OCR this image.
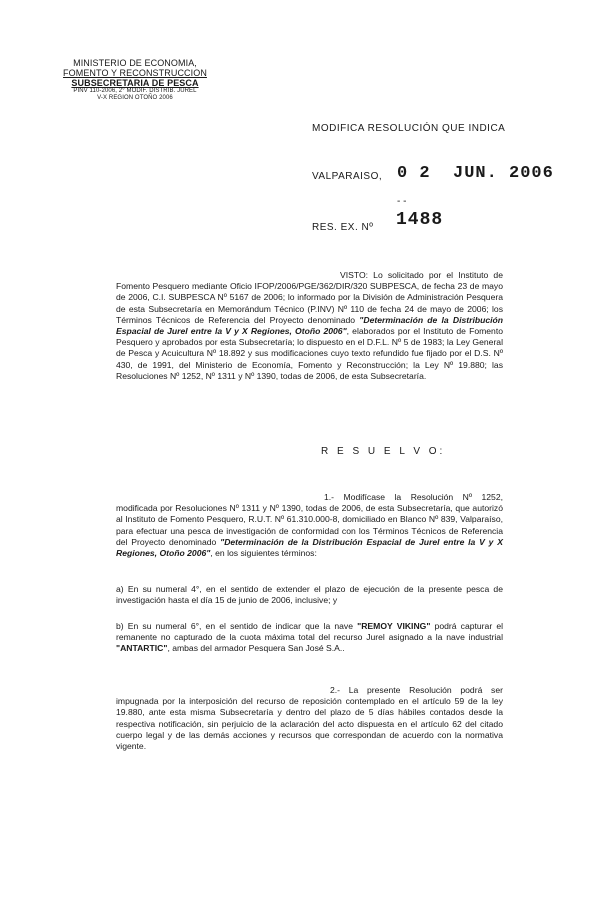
MINISTERIO DE ECONOMIA,
FOMENTO Y RECONSTRUCCION
SUBSECRETARIA DE PESCA
PINV 110-2006, 2° MODIF. DISTRIB. JUREL
V-X REGION OTOÑO 2006
MODIFICA RESOLUCIÓN QUE INDICA
VALPARAISO, 0 2  JUN. 2006
- -
RES. EX. Nº 1488
VISTO: Lo solicitado por el Instituto de Fomento Pesquero mediante Oficio IFOP/2006/PGE/362/DIR/320 SUBPESCA, de fecha 23 de mayo de 2006, C.I. SUBPESCA Nº 5167 de 2006; lo informado por la División de Administración Pesquera de esta Subsecretaría en Memorándum Técnico (P.INV) Nº 110 de fecha 24 de mayo de 2006; los Términos Técnicos de Referencia del Proyecto denominado "Determinación de la Distribución Espacial de Jurel entre la V y X Regiones, Otoño 2006", elaborados por el Instituto de Fomento Pesquero y aprobados por esta Subsecretaría; lo dispuesto en el D.F.L. Nº 5 de 1983; la Ley General de Pesca y Acuicultura Nº 18.892 y sus modificaciones cuyo texto refundido fue fijado por el D.S. Nº 430, de 1991, del Ministerio de Economía, Fomento y Reconstrucción; la Ley Nº 19.880; las Resoluciones Nº 1252, Nº 1311 y Nº 1390, todas de 2006, de esta Subsecretaría.
R E S U E L V O:
1.- Modifícase la Resolución Nº 1252, modificada por Resoluciones Nº 1311 y Nº 1390, todas de 2006, de esta Subsecretaría, que autorizó al Instituto de Fomento Pesquero, R.U.T. Nº 61.310.000-8, domiciliado en Blanco Nº 839, Valparaíso, para efectuar una pesca de investigación de conformidad con los Términos Técnicos de Referencia del Proyecto denominado "Determinación de la Distribución Espacial de Jurel entre la V y X Regiones, Otoño 2006", en los siguientes términos:
a) En su numeral 4°, en el sentido de extender el plazo de ejecución de la presente pesca de investigación hasta el día 15 de junio de 2006, inclusive; y
b) En su numeral 6°, en el sentido de indicar que la nave "REMOY VIKING" podrá capturar el remanente no capturado de la cuota máxima total del recurso Jurel asignado a la nave industrial "ANTARTIC", ambas del armador Pesquera San José S.A..
2.- La presente Resolución podrá ser impugnada por la interposición del recurso de reposición contemplado en el artículo 59 de la ley 19.880, ante esta misma Subsecretaría y dentro del plazo de 5 días hábiles contados desde la respectiva notificación, sin perjuicio de la aclaración del acto dispuesta en el artículo 62 del citado cuerpo legal y de las demás acciones y recursos que correspondan de acuerdo con la normativa vigente.
